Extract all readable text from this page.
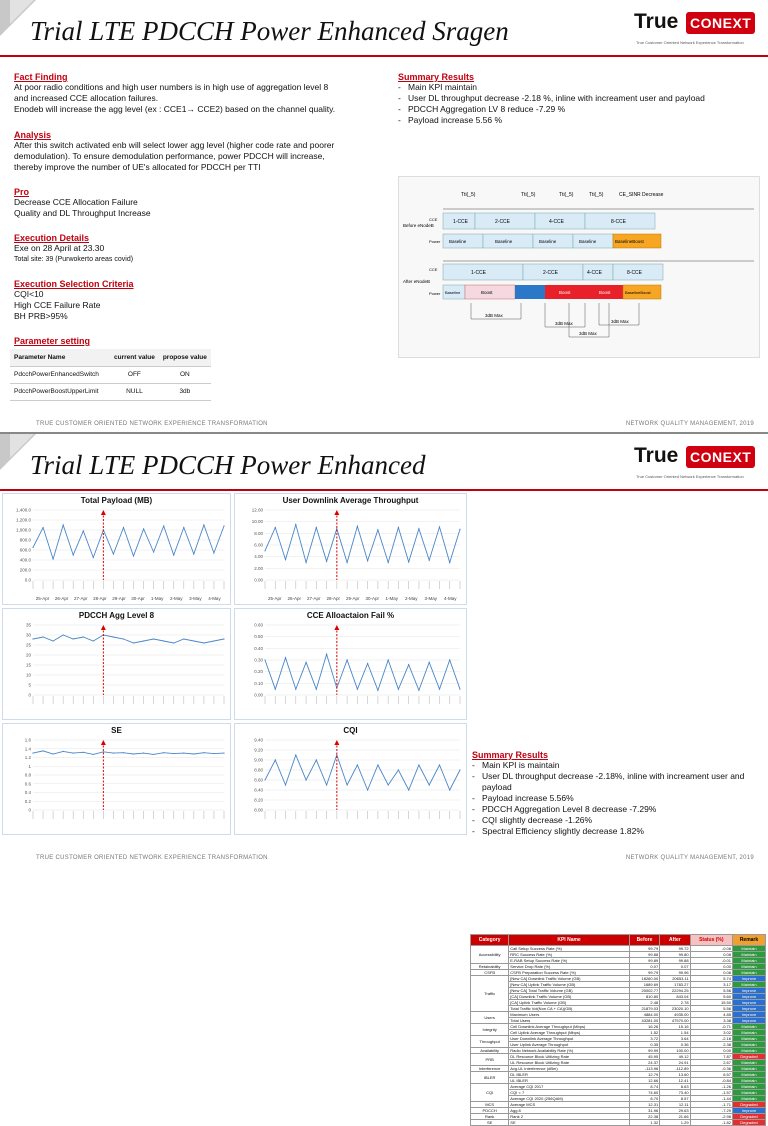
Trial LTE PDCCH Power Enhanced Sragen	True CONEXT
True Customer Oriented Network Experience Transformation
Fact Finding
At poor radio conditions and high user numbers is in high use of aggregation level 8
and increased CCE allocation failures.
Enodeb will increase the agg level (ex : CCE1→ CCE2) based on the channel quality.
Analysis
After this switch activated enb will select lower agg level (higher code rate and poorer
demodulation). To ensure demodulation performance, power PDCCH will increase,
thereby improve the number of UE's allocated for PDCCH per TTI
Pro
Decrease CCE Allocation Failure
Quality and DL Throughput Increase
Execution Details
Exe on 28 April at 23.30
Total site: 39 (Purwokerto areas covid)
Execution Selection Criteria
CQI<10
High CCE Failure Rate
BH PRB>95%
Parameter setting
Parameter Name	current value	propose value
PdcchPowerEnhancedSwitch	OFF	ON
PdcchPowerBoostUpperLimit	NULL	3db
Summary Results
- Main KPI maintain
- User DL throughput decrease -2.18 %, inline with increament user and payload
- PDCCH Aggregation LV 8 reduce -7.29 %
- Payload increase 5.56 %
Tti(_5)	Tti(_5)	Tti(_5)	Tti(_5)	CE_SINR Decrease
Before eNodeB
CCE
Power
1-CCE	2-CCE	4-CCE	8-CCE
Baseline	Baseline	Baseline	Baseline	BaselineBoost
After eNodeB
CCE
Power
1-CCE	2-CCE	4-CCE	8-CCE
Baseline	Boost	Boost	Boost	BaselineBoost
3dB Max
3dB Max
3dB Max
3dB Max
TRUE CUSTOMER ORIENTED NETWORK EXPERIENCE TRANSFORMATION	NETWORK QUALITY MANAGEMENT, 2019
Trial LTE PDCCH Power Enhanced	True CONEXT
True Customer Oriented Network Experience Transformation
Total Payload (MB)
0.0
200.0
400.0
600.0
800.0
1,000.0
1,200.0
1,400.0
25-Apr 26-Apr 27-Apr 28-Apr 29-Apr 30-Apr 1-May 2-May 3-May 4-May
User Downlink Average Throughput
0.00
2.00
4.00
6.00
8.00
10.00
12.00
25-Apr 26-Apr 27-Apr 28-Apr 29-Apr 30-Apr 1-May 2-May 3-May 4-May
PDCCH Agg Level 8
0
5
10
15
20
25
30
35
CCE Alloactaion Fail %
0.00
0.10
0.20
0.30
0.40
0.50
0.60
SE
0
0.2
0.4
0.6
0.8
1
1.2
1.4
1.6
CQI
8.00
8.20
8.40
8.60
8.80
9.00
9.20
9.40
Category	KPI Name	Before	After	Status (%)	Remark
Accessibility	Call Setup Success Rate (%)	99.79	99.72	-0.08	Maintain
	RRC Success Rate (%)	99.88	99.80	0.08	Maintain
	E-RAB Setup Success Rate (%)	99.89	99.88	-0.01	Maintain
Retainability	Service Drop Rate (%)	0.07	0.07	0.00	Maintain
CSFB	CSFB Preparation Success Rate (%)	99.79	99.96	0.08	Maintain
Traffic	[New CA] Downlink Traffic Volume (GB)	18260.00	20653.11	5.74	Improve
	[New CA] Uplink Traffic Volume (GB)	1689.69	1783.27	3.17	Maintain
	[New CA] Total Traffic Volume (GB)	20002.77	22294.25	5.56	Improve
	[CA] Downlink Traffic Volume (GB)	810.80	843.04	5.60	Improve
	[CA] Uplink Traffic Volume (GB)	2.48	2.78	15.50	Improve
	Total Traffic Vol(Non CA + CA)(GB)	21879.03	23020.10	5.56	Improve
Users	Maximum Users	4884.00	4935.00	4.85	Improve
	Total Users	43281.00	47570.00	3.38	Improve
Integrity	Cell Downlink Average Throughput (Mbps)	16.26	15.16	-0.71	Maintain
	Cell Uplink Average Throughput (Mbps)	1.52	1.54	3.02	Maintain
Throughput	User Downlink Average Throughput	3.72	3.64	-2.18	Maintain
	User Uplink Average Throughput	0.35	0.36	2.38	Maintain
Availability	Radio Network Availability Rate (%)	99.99	100.00	0.00	Maintain
PRB	DL Resource Block Utilizing Rate	45.95	49.12	7.87	Degraded
	UL Resource Block Utilizing Rate	24.37	24.91	2.67	Maintain
Interference	Avg.UL Interference (dBm)	-113.96	-112.89	-0.36	Maintain
IBLER	DL IBLER	12.79	13.60	6.57	Maintain
	UL IBLER	12.66	12.41	-0.84	Maintain
CQI	Average CQI 2017	8.74	8.63	-1.26	Maintain
	CQI < 7	74.60	73.40	-1.57	Maintain
	Average CQI 2020 (256QAM)	8.70	8.57	-1.44	Maintain
MCS	Average MCS	12.31	12.11	-1.71	Degraded
PDCCH	Agg 8	31.96	29.63	-7.29	Improve
Rank	Rank 2	22.38	21.66	-2.98	Degraded
SE	SE	1.32	1.29	-1.82	Degraded
Summary Results
- Main KPI is maintain
- User DL throughput decrease -2.18%, inline with increament user and payload
- Payload increase 5.56%
- PDCCH Aggregation Level 8 decrease -7.29%
- CQI slightly decrease -1.26%
- Spectral Efficiency slightly decrease 1.82%
TRUE CUSTOMER ORIENTED NETWORK EXPERIENCE TRANSFORMATION	NETWORK QUALITY MANAGEMENT, 2019
